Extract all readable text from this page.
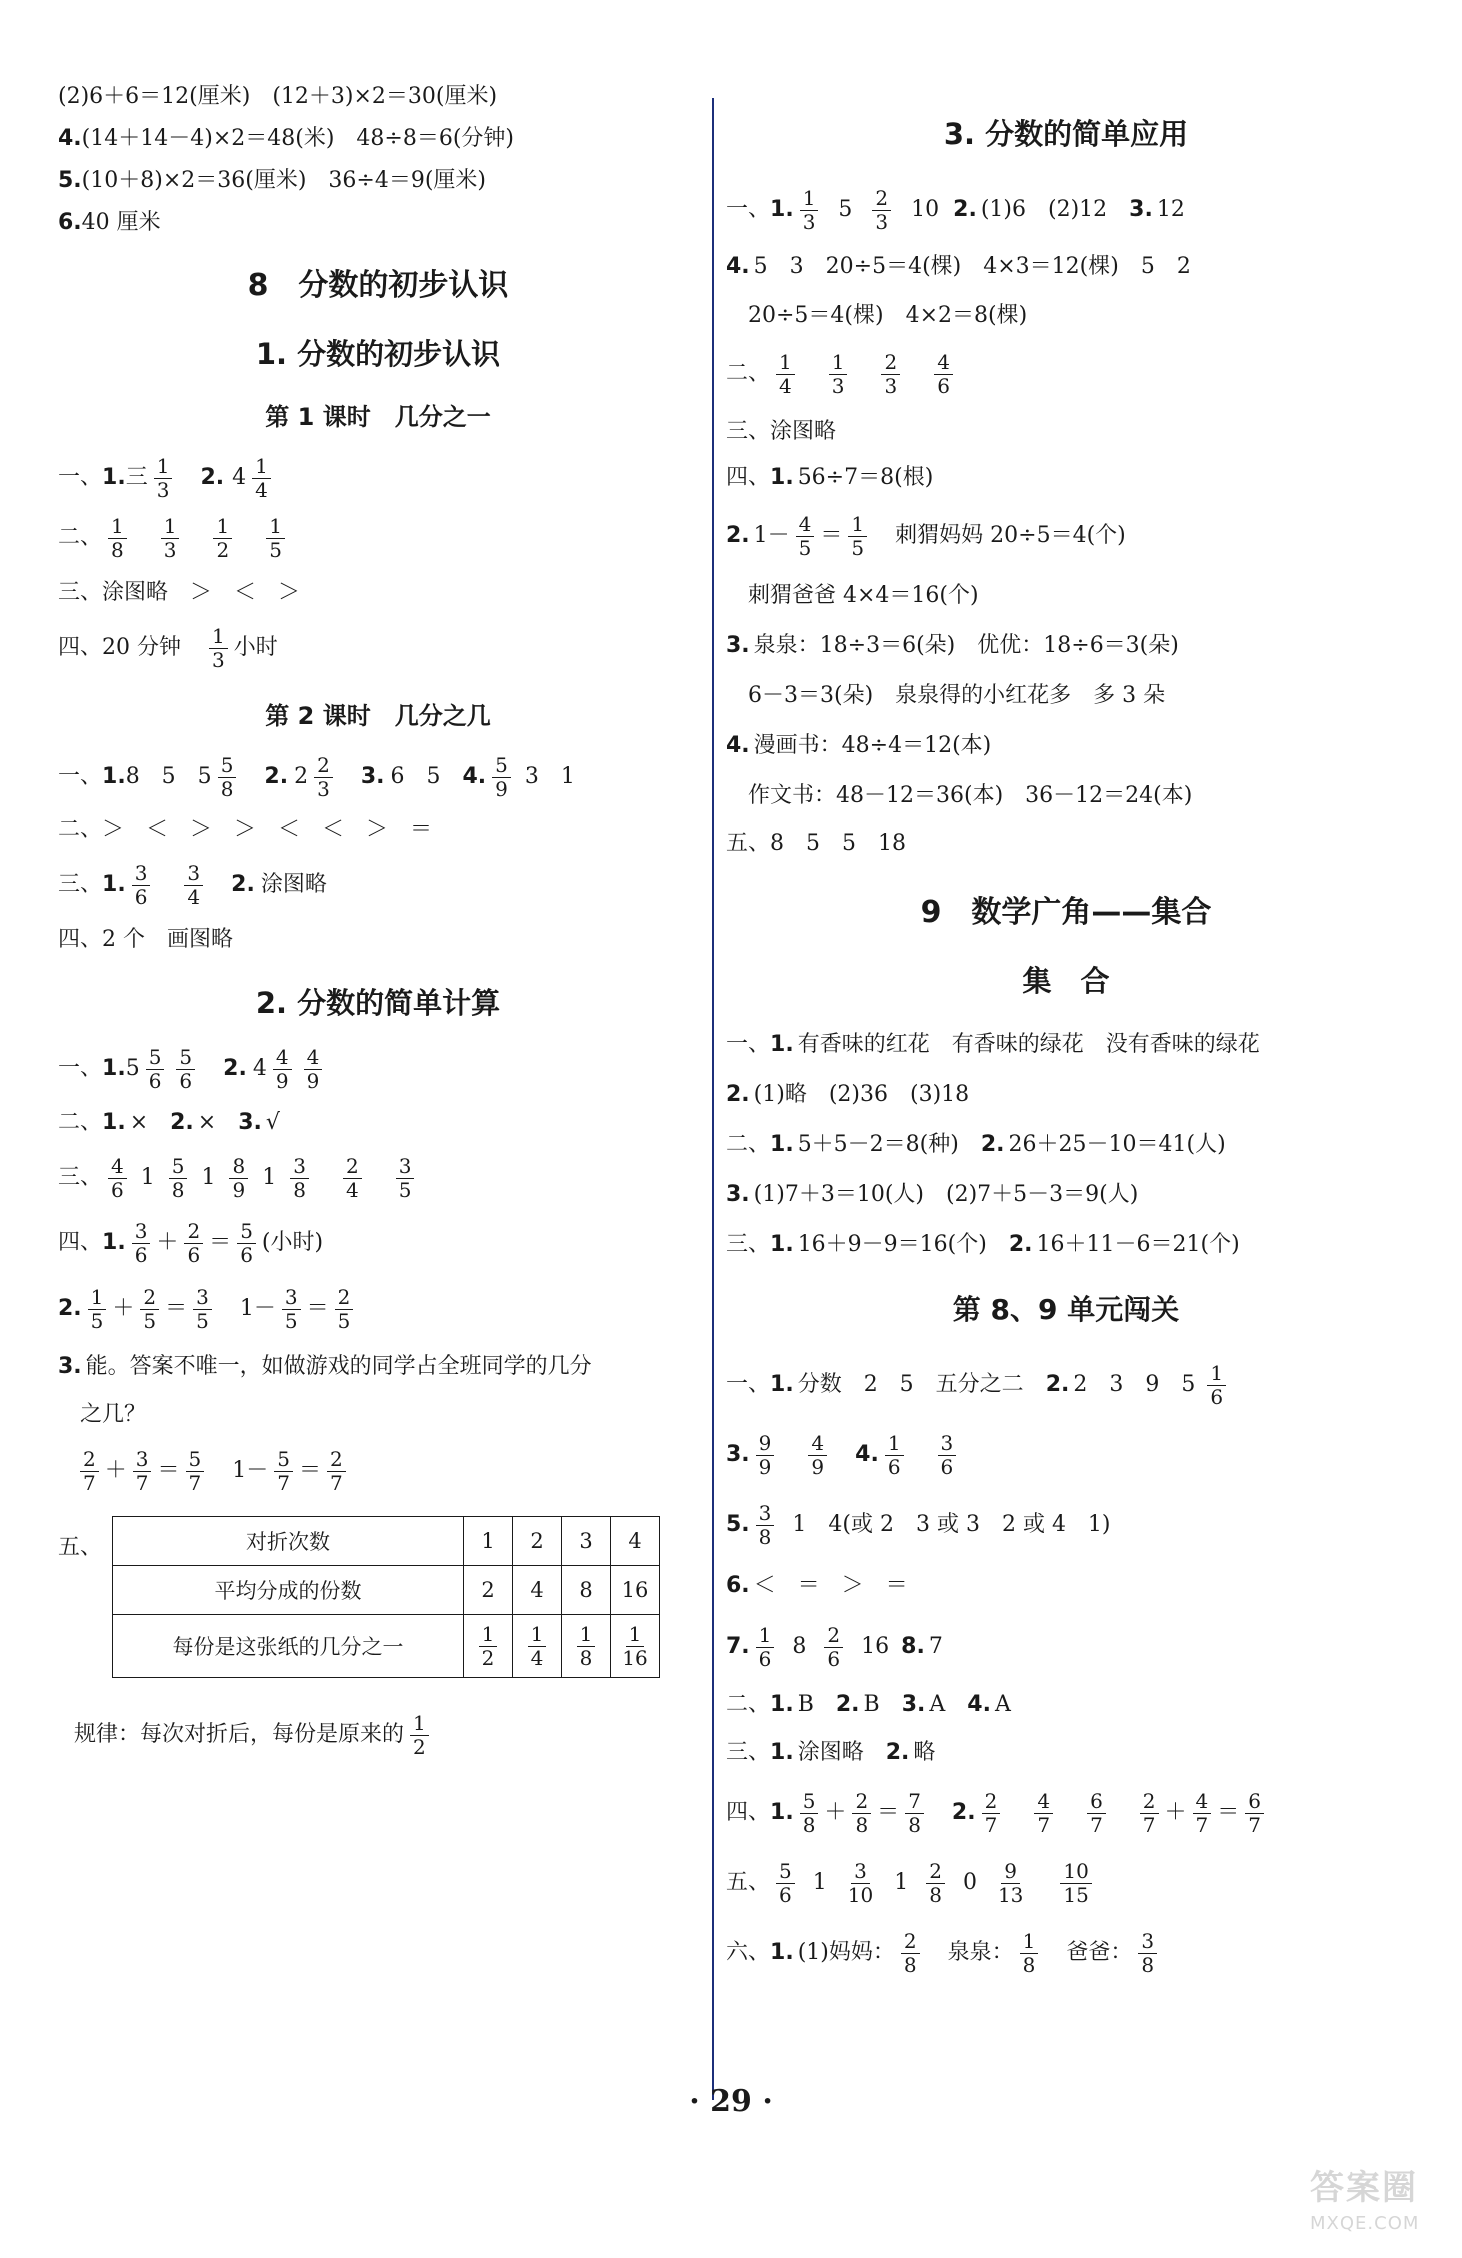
(2)6＋6＝12(厘米)　(12＋3)×2＝30(厘米)
4. (14＋14－4)×2＝48(米)　48÷8＝6(分钟)
5. (10＋8)×2＝36(厘米)　36÷4＝9(厘米)
6. 40 厘米
8　分数的初步认识
1. 分数的初步认识
第 1 课时　几分之一
一、 1. 三 $\frac{1}{3} 2$. $4 \frac{1}{4}$
二、 $\frac{1}{8} \frac{1}{3} \frac{1}{2} \frac{1}{5}$
三、涂图略　＞　＜　＞
四、20 分钟 $\frac{1}{3}$ 小时
第 2 课时　几分之几
一、 1. 8　5　$5 \frac{5}{8} 2$. $2 \frac{2}{3} 3$. 6　5 4. $\frac{5}{9} 3$　1
二、＞　＜　＞　＞　＜　＜　＞　＝
三、 1. $\frac{3}{6} \frac{3}{4} 2$. 涂图略
四、2 个　画图略
2. 分数的简单计算
一、 1. $5 \frac{5}{6} \frac{5}{6} 2$. $4 \frac{4}{9} \frac{4}{9}$
二、 1. × 2. × 3. √
三、 $\frac{4}{6} 1 \frac{5}{8} 1 \frac{8}{9} 1 \frac{3}{8} \frac{2}{4} \frac{3}{5}$
四、 1. $\frac{3}{6} + \frac{2}{6} = \frac{5}{6}$ (小时)
2. $\frac{1}{5} + \frac{2}{5} = \frac{3}{5} 1- \frac{3}{5} = \frac{2}{5}$
3. 能。答案不唯一，如做游戏的同学占全班同学的几分
之几？
$\frac{2}{7} + \frac{3}{7} = \frac{5}{7} 1- \frac{5}{7} = \frac{2}{7}$
五、	对折次数	1	2	3	4
平均分成的份数	2	4	8	16
每份是这张纸的几分之一	$\frac{1}{2}$	$\frac{1}{4}$	$\frac{1}{8}$	$\frac{1}{16}$
规律：每次对折后，每份是原来的 $\frac{1}{2}$
3. 分数的简单应用
一、 1. $\frac{1}{3} 5 \frac{2}{3} 10$ 2. (1)6　(2)12 3. 12
4. 5　3　20÷5＝4(棵)　4×3＝12(棵)　5　2
20÷5＝4(棵)　4×2＝8(棵)
二、 $\frac{1}{4} \frac{1}{3} \frac{2}{3} \frac{4}{6}$
三、涂图略
四、 1. 56÷7＝8(根)
2. $1- \frac{4}{5} = \frac{1}{5}$ 刺猬妈妈 20÷5＝4(个)
刺猬爸爸 4×4＝16(个)
3. 泉泉：18÷3＝6(朵)　优优：18÷6＝3(朵)
6－3＝3(朵)　泉泉得的小红花多　多 3 朵
4. 漫画书：48÷4＝12(本)
作文书：48－12＝36(本)　36－12＝24(本)
五、8　5　5　18
9　数学广角——集合
集　合
一、 1. 有香味的红花　有香味的绿花　没有香味的绿花
2. (1)略　(2)36　(3)18
二、 1. 5＋5－2＝8(种) 2. 26＋25－10＝41(人)
3. (1)7＋3＝10(人)　(2)7＋5－3＝9(人)
三、 1. 16＋9－9＝16(个) 2. 16＋11－6＝21(个)
第 8、9 单元闯关
一、 1. 分数　2　5　五分之二 2. 2　3　9　$5 \frac{1}{6}$
3. $\frac{9}{9} \frac{4}{9} 4$. $\frac{1}{6} \frac{3}{6}$
5. $\frac{3}{8} 1$　4(或 2　3 或 3　2 或 4　1)
6. ＜　＝　＞　＝
7. $\frac{1}{6} 8 \frac{2}{6} 16$ 8. 7
二、 1. B 2. B 3. A 4. A
三、 1. 涂图略 2. 略
四、 1. $\frac{5}{8} + \frac{2}{8} = \frac{7}{8} 2$. $\frac{2}{7} \frac{4}{7} \frac{6}{7} \frac{2}{7} + \frac{4}{7} = \frac{6}{7}$
五、 $\frac{5}{6} 1 \frac{3}{10} 1 \frac{2}{8} 0 \frac{9}{13} \frac{10}{15}$
六、 1. (1)妈妈： $\frac{2}{8}$ 泉泉： $\frac{1}{8}$ 爸爸： $\frac{3}{8}$
· 29 ·
答案圈
MXQE.COM
